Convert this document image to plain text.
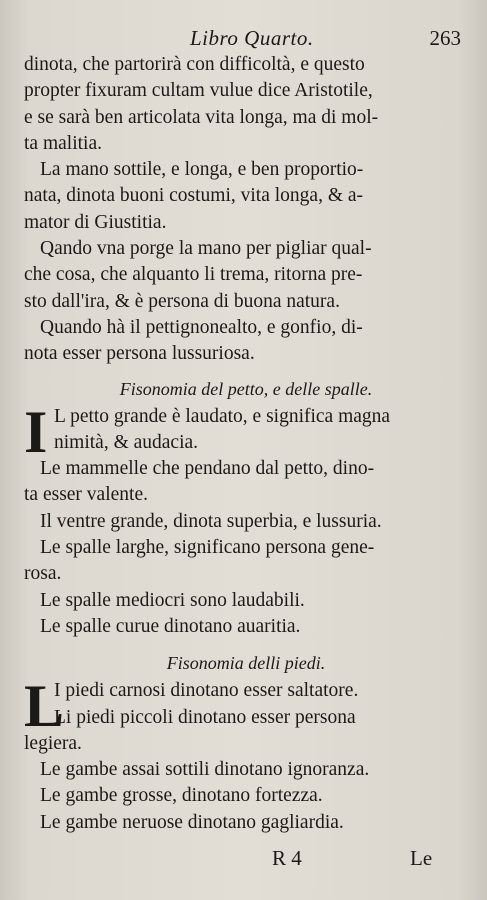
Libro Quarto.	263
dinota, che partorirà con difficoltà, e questo
propter fixuram cultam vulue dice Aristotile,
e se sarà ben articolata vita longa, ma di mol-
ta malitia.
La mano sottile, e longa, e ben proportio-
nata, dinota buoni costumi, vita longa, & a-
mator di Giustitia.
Qando vna porge la mano per pigliar qual-
che cosa, che alquanto li trema, ritorna pre-
sto dall'ira, & è persona di buona natura.
Quando hà il pettignonealto, e gonfio, di-
nota esser persona lussuriosa.
Fisonomia del petto, e delle spalle.
I L petto grande è laudato, e significa magna
nimità, & audacia.
Le mammelle che pendano dal petto, dino-
ta esser valente.
Il ventre grande, dinota superbia, e lussuria.
Le spalle larghe, significano persona gene-
rosa.
Le spalle mediocri sono laudabili.
Le spalle curue dinotano auaritia.
Fisonomia delli piedi.
L
I piedi carnosi dinotano esser saltatore.
Li piedi piccoli dinotano esser persona
legiera.
Le gambe assai sottili dinotano ignoranza.
Le gambe grosse, dinotano fortezza.
Le gambe neruose dinotano gagliardia.
R 4	Le
